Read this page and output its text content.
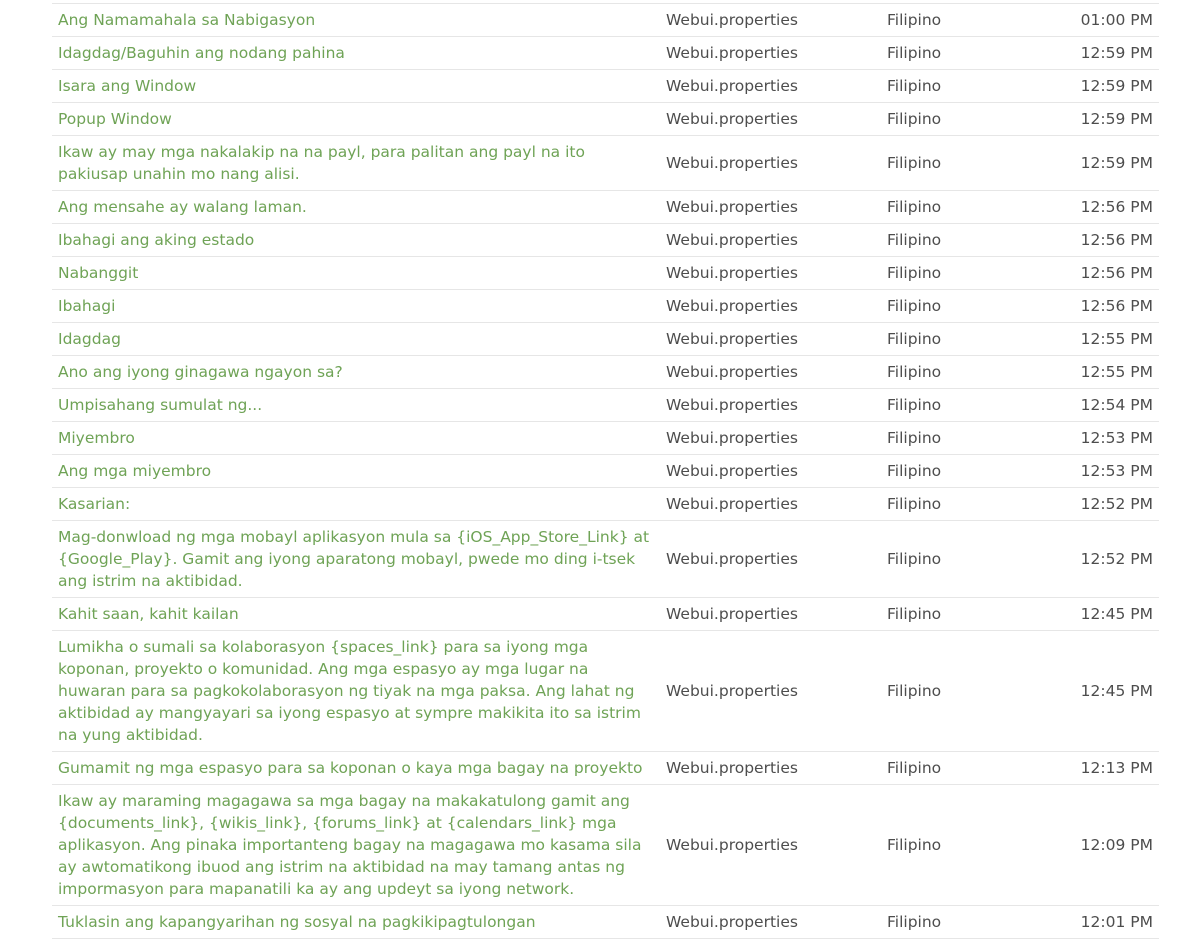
Ang Namamahala sa Nabigasyon	Webui.properties	Filipino	01:00 PM
Idagdag/Baguhin ang nodang pahina	Webui.properties	Filipino	12:59 PM
Isara ang Window	Webui.properties	Filipino	12:59 PM
Popup Window	Webui.properties	Filipino	12:59 PM
Ikaw ay may mga nakalakip na na payl, para palitan ang payl na ito pakiusap unahin mo nang alisi.	Webui.properties	Filipino	12:59 PM
Ang mensahe ay walang laman.	Webui.properties	Filipino	12:56 PM
Ibahagi ang aking estado	Webui.properties	Filipino	12:56 PM
Nabanggit	Webui.properties	Filipino	12:56 PM
Ibahagi	Webui.properties	Filipino	12:56 PM
Idagdag	Webui.properties	Filipino	12:55 PM
Ano ang iyong ginagawa ngayon sa?	Webui.properties	Filipino	12:55 PM
Umpisahang sumulat ng...	Webui.properties	Filipino	12:54 PM
Miyembro	Webui.properties	Filipino	12:53 PM
Ang mga miyembro	Webui.properties	Filipino	12:53 PM
Kasarian:	Webui.properties	Filipino	12:52 PM
Mag-donwload ng mga mobayl aplikasyon mula sa {iOS_App_Store_Link} at {Google_Play}. Gamit ang iyong aparatong mobayl, pwede mo ding i-tsek ang istrim na aktibidad.	Webui.properties	Filipino	12:52 PM
Kahit saan, kahit kailan	Webui.properties	Filipino	12:45 PM
Lumikha o sumali sa kolaborasyon {spaces_link} para sa iyong mga koponan, proyekto o komunidad. Ang mga espasyo ay mga lugar na huwaran para sa pagkokolaborasyon ng tiyak na mga paksa. Ang lahat ng aktibidad ay mangyayari sa iyong espasyo at sympre makikita ito sa istrim na yung aktibidad.	Webui.properties	Filipino	12:45 PM
Gumamit ng mga espasyo para sa koponan o kaya mga bagay na proyekto	Webui.properties	Filipino	12:13 PM
Ikaw ay maraming magagawa sa mga bagay na makakatulong gamit ang {documents_link}, {wikis_link}, {forums_link} at {calendars_link} mga aplikasyon. Ang pinaka importanteng bagay na magagawa mo kasama sila ay awtomatikong ibuod ang istrim na aktibidad na may tamang antas ng impormasyon para mapanatili ka ay ang updeyt sa iyong network.	Webui.properties	Filipino	12:09 PM
Tuklasin ang kapangyarihan ng sosyal na pagkikipagtulongan	Webui.properties	Filipino	12:01 PM
